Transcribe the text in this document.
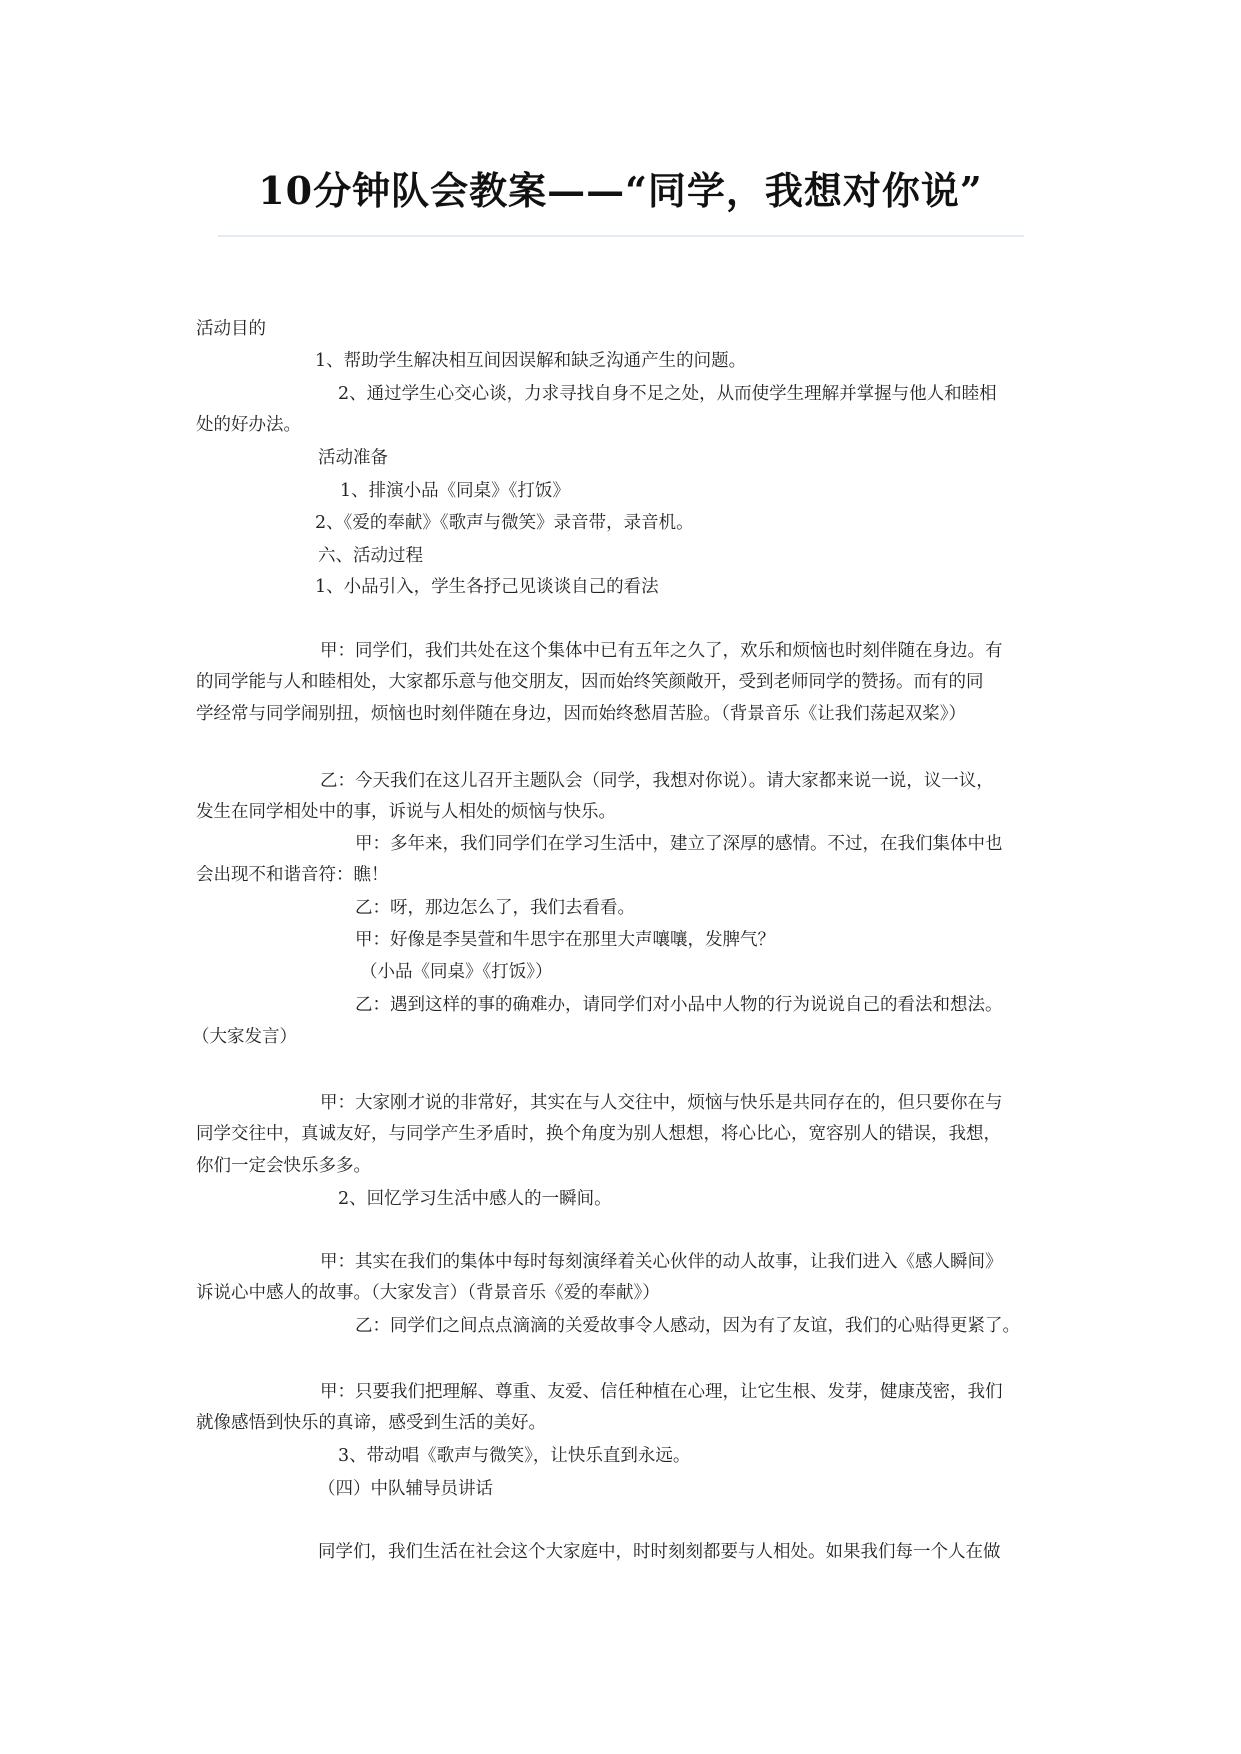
10分钟队会教案——“同学，我想对你说”
活动目的
1、帮助学生解决相互间因误解和缺乏沟通产生的问题。
2、通过学生心交心谈，力求寻找自身不足之处，从而使学生理解并掌握与他人和睦相
处的好办法。
活动准备
1、排演小品《同桌》《打饭》
2、《爱的奉献》《歌声与微笑》录音带，录音机。
六、活动过程
1、小品引入，学生各抒己见谈谈自己的看法
甲：同学们，我们共处在这个集体中已有五年之久了，欢乐和烦恼也时刻伴随在身边。有
的同学能与人和睦相处，大家都乐意与他交朋友，因而始终笑颜敞开，受到老师同学的赞扬。而有的同
学经常与同学闹别扭，烦恼也时刻伴随在身边，因而始终愁眉苦脸。（背景音乐《让我们荡起双桨》）
乙：今天我们在这儿召开主题队会（同学，我想对你说）。请大家都来说一说，议一议，
发生在同学相处中的事，诉说与人相处的烦恼与快乐。
甲：多年来，我们同学们在学习生活中，建立了深厚的感情。不过，在我们集体中也
会出现不和谐音符：瞧！
乙：呀，那边怎么了，我们去看看。
甲：好像是李昊萱和牛思宇在那里大声嚷嚷，发脾气？
（小品《同桌》《打饭》）
乙：遇到这样的事的确难办，请同学们对小品中人物的行为说说自己的看法和想法。
（大家发言）
甲：大家刚才说的非常好，其实在与人交往中，烦恼与快乐是共同存在的，但只要你在与
同学交往中，真诚友好，与同学产生矛盾时，换个角度为别人想想，将心比心，宽容别人的错误，我想，
你们一定会快乐多多。
2、回忆学习生活中感人的一瞬间。
甲：其实在我们的集体中每时每刻演绎着关心伙伴的动人故事，让我们进入《感人瞬间》
诉说心中感人的故事。（大家发言）（背景音乐《爱的奉献》）
乙：同学们之间点点滴滴的关爱故事令人感动，因为有了友谊，我们的心贴得更紧了。
甲：只要我们把理解、尊重、友爱、信任种植在心理，让它生根、发芽，健康茂密，我们
就像感悟到快乐的真谛，感受到生活的美好。
3、带动唱《歌声与微笑》，让快乐直到永远。
（四）中队辅导员讲话
同学们，我们生活在社会这个大家庭中，时时刻刻都要与人相处。如果我们每一个人在做
